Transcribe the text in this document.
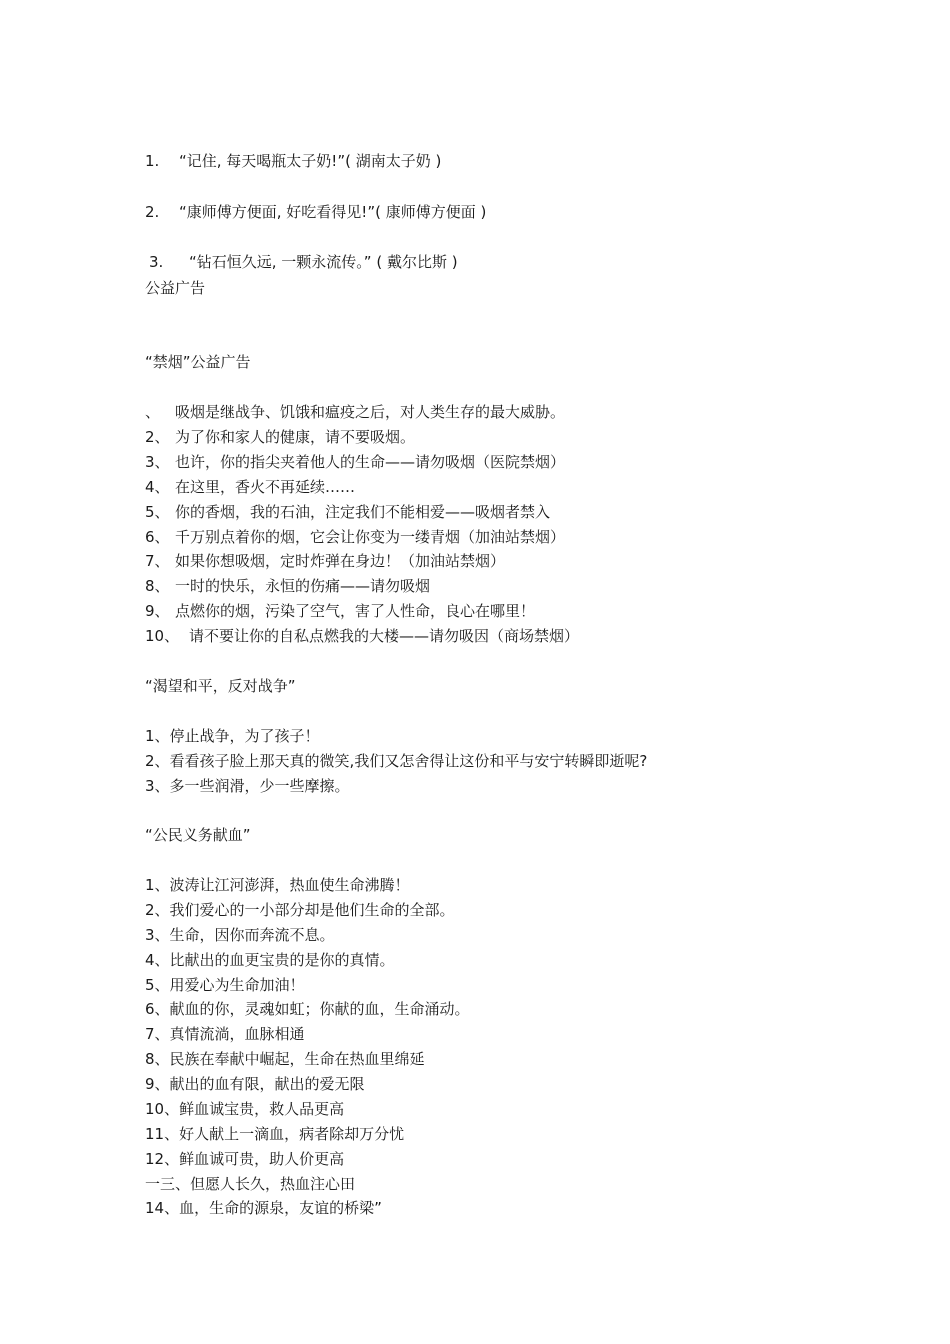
1. “记住, 每天喝瓶太子奶!”( 湖南太子奶 )
2. “康师傅方便面, 好吃看得见!”( 康师傅方便面 )
3. “钻石恒久远, 一颗永流传。” ( 戴尔比斯 )
公益广告
“禁烟”公益广告
、 吸烟是继战争、饥饿和瘟疫之后，对人类生存的最大威胁。
2、 为了你和家人的健康，请不要吸烟。
3、 也许，你的指尖夹着他人的生命——请勿吸烟（医院禁烟）
4、 在这里，香火不再延续……
5、 你的香烟，我的石油，注定我们不能相爱——吸烟者禁入
6、 千万别点着你的烟，它会让你变为一缕青烟（加油站禁烟）
7、 如果你想吸烟，定时炸弹在身边！（加油站禁烟）
8、 一时的快乐，永恒的伤痛——请勿吸烟
9、 点燃你的烟，污染了空气，害了人性命，良心在哪里！
10、 请不要让你的自私点燃我的大楼——请勿吸因（商场禁烟）
“渴望和平，反对战争”
1、停止战争，为了孩子！
2、看看孩子脸上那天真的微笑,我们又怎舍得让这份和平与安宁转瞬即逝呢?
3、多一些润滑，少一些摩擦。
“公民义务献血”
1、波涛让江河澎湃，热血使生命沸腾！
2、我们爱心的一小部分却是他们生命的全部。
3、生命，因你而奔流不息。
4、比献出的血更宝贵的是你的真情。
5、用爱心为生命加油！
6、献血的你，灵魂如虹；你献的血，生命涌动。
7、真情流淌，血脉相通
8、民族在奉献中崛起，生命在热血里绵延
9、献出的血有限，献出的爱无限
10、鲜血诚宝贵，救人品更高
11、好人献上一滴血，病者除却万分忧
12、鲜血诚可贵，助人价更高
一三、但愿人长久，热血注心田
14、血，生命的源泉，友谊的桥梁”
